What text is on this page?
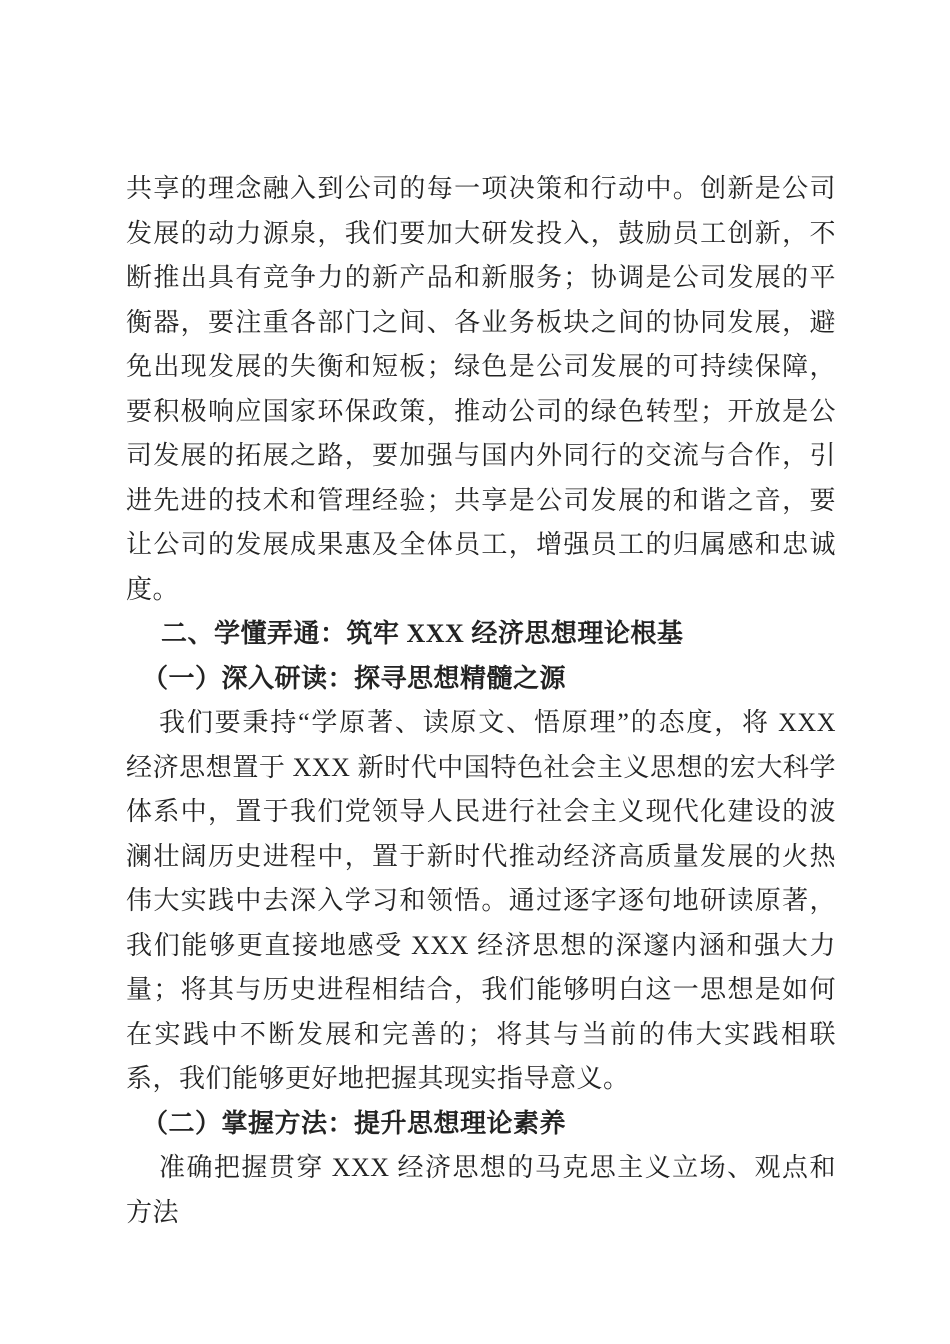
共享的理念融入到公司的每一项决策和行动中。创新是公司发展的动力源泉，我们要加大研发投入，鼓励员工创新，不断推出具有竞争力的新产品和新服务；协调是公司发展的平衡器，要注重各部门之间、各业务板块之间的协同发展，避免出现发展的失衡和短板；绿色是公司发展的可持续保障，要积极响应国家环保政策，推动公司的绿色转型；开放是公司发展的拓展之路，要加强与国内外同行的交流与合作，引进先进的技术和管理经验；共享是公司发展的和谐之音，要让公司的发展成果惠及全体员工，增强员工的归属感和忠诚度。

二、学懂弄通：筑牢 XXX 经济思想理论根基

（一）深入研读：探寻思想精髓之源

我们要秉持“学原著、读原文、悟原理”的态度，将 XXX 经济思想置于 XXX 新时代中国特色社会主义思想的宏大科学体系中，置于我们党领导人民进行社会主义现代化建设的波澜壮阔历史进程中，置于新时代推动经济高质量发展的火热伟大实践中去深入学习和领悟。通过逐字逐句地研读原著，我们能够更直接地感受 XXX 经济思想的深邃内涵和强大力量；将其与历史进程相结合，我们能够明白这一思想是如何在实践中不断发展和完善的；将其与当前的伟大实践相联系，我们能够更好地把握其现实指导意义。

（二）掌握方法：提升思想理论素养

准确把握贯穿 XXX 经济思想的马克思主义立场、观点和方法
